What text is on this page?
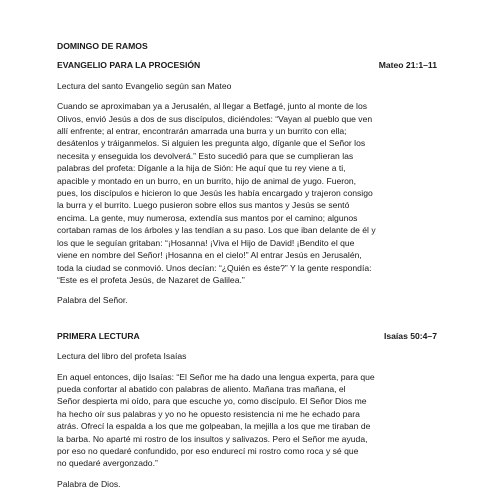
DOMINGO DE RAMOS

EVANGELIO PARA LA PROCESIÓN	Mateo 21:1–11

Lectura del santo Evangelio según san Mateo

Cuando se aproximaban ya a Jerusalén, al llegar a Betfagé, junto al monte de los

Olivos, envió Jesús a dos de sus discípulos, diciéndoles: “Vayan al pueblo que ven

allí enfrente; al entrar, encontrarán amarrada una burra y un burrito con ella;

desátenlos y tráiganmelos. Si alguien les pregunta algo, díganle que el Señor los

necesita y enseguida los devolverá.” Esto sucedió para que se cumplieran las

palabras del profeta: Díganle a la hija de Sión: He aquí que tu rey viene a ti,

apacible y montado en un burro, en un burrito, hijo de animal de yugo. Fueron,

pues, los discípulos e hicieron lo que Jesús les había encargado y trajeron consigo

la burra y el burrito. Luego pusieron sobre ellos sus mantos y Jesús se sentó

encima. La gente, muy numerosa, extendía sus mantos por el camino; algunos

cortaban ramas de los árboles y las tendían a su paso. Los que iban delante de él y

los que le seguían gritaban: “¡Hosanna! ¡Viva el Hijo de David! ¡Bendito el que

viene en nombre del Señor! ¡Hosanna en el cielo!” Al entrar Jesús en Jerusalén,

toda la ciudad se conmovió. Unos decían: “¿Quién es éste?” Y la gente respondía:

“Este es el profeta Jesús, de Nazaret de Galilea.”

Palabra del Señor.

PRIMERA LECTURA	Isaías 50:4–7

Lectura del libro del profeta Isaías

En aquel entonces, dijo Isaías: “El Señor me ha dado una lengua experta, para que

pueda confortar al abatido con palabras de aliento. Mañana tras mañana, el

Señor despierta mi oído, para que escuche yo, como discípulo. El Señor Dios me

ha hecho oír sus palabras y yo no he opuesto resistencia ni me he echado para

atrás. Ofrecí la espalda a los que me golpeaban, la mejilla a los que me tiraban de

la barba. No aparté mi rostro de los insultos y salivazos. Pero el Señor me ayuda,

por eso no quedaré confundido, por eso endurecí mi rostro como roca y sé que

no quedaré avergonzado.”

Palabra de Dios.
